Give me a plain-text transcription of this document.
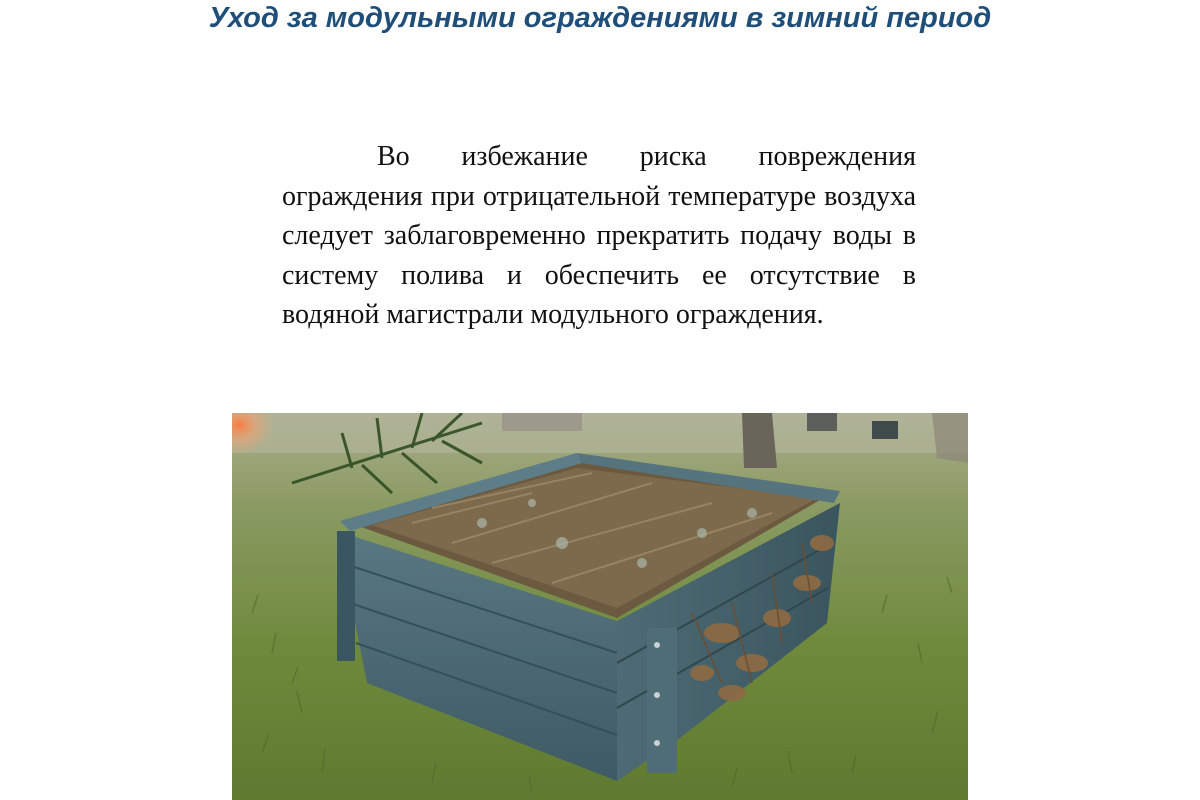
Уход за модульными ограждениями в зимний период

Во избежание риска повреждения ограждения при отрицательной температуре воздуха следует заблаговременно прекратить подачу воды в систему полива и обеспечить ее отсутствие в водяной магистрали модульного ограждения.
